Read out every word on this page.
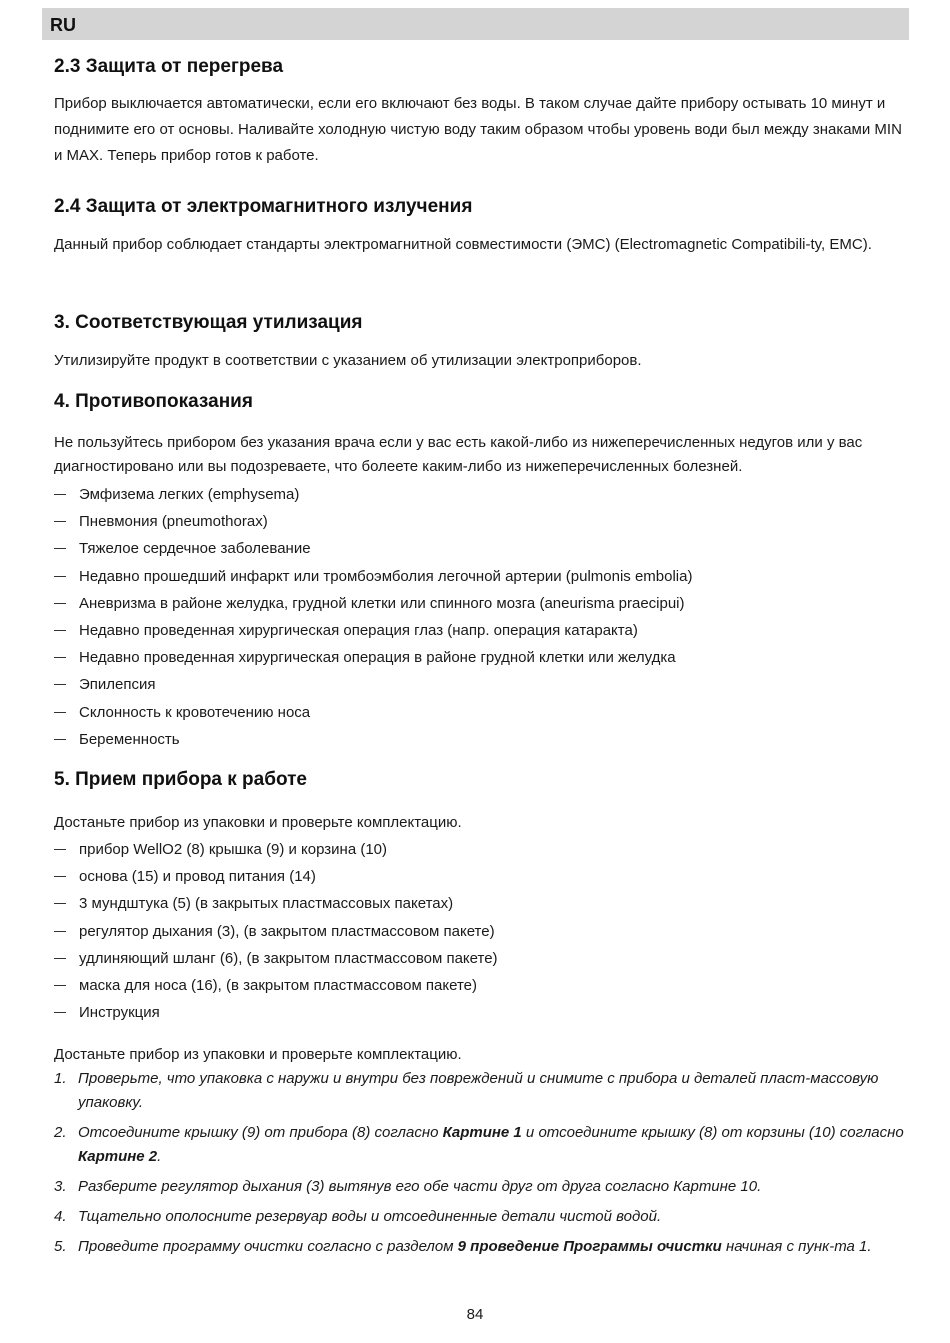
RU
2.3 Защита от перегрева

Прибор выключается автоматически, если его включают без воды. В таком случае дайте прибору остывать 10 минут и поднимите его от основы. Наливайте холодную чистую воду таким образом чтобы уровень води был между знаками MIN и MAX. Теперь прибор готов к работе.

2.4 Защита от электромагнитного излучения

Данный прибор соблюдает стандарты электромагнитной совместимости (ЭМС) (Electromagnetic Compatibili-ty, EMC).

3. Соответствующая утилизация

Утилизируйте продукт в соответствии с указанием об утилизации электроприборов.

4. Противопоказания

Не пользуйтесь прибором без указания врача если у вас есть какой-либо из нижеперечисленных недугов или у вас диагностировано или вы подозреваете, что болеете каким-либо из нижеперечисленных болезней.

Эмфизема легких (emphysema)
Пневмония (pneumothorax)
Тяжелое сердечное заболевание
Недавно прошедший инфаркт или тромбоэмболия легочной артерии (pulmonis embolia)
Аневризма в районе желудка, грудной клетки или спинного мозга (aneurisma praecipui)
Недавно проведенная хирургическая операция глаз (напр. операция катаракта)
Недавно проведенная хирургическая операция в районе грудной клетки или желудка
Эпилепсия
Склонность к кровотечению носа
Беременность
5. Прием прибора к работе

Достаньте прибор из упаковки и проверьте комплектацию.

прибор WellO2 (8) крышка (9) и корзина (10)
основа (15) и провод питания (14)
3 мундштука (5) (в закрытых пластмассовых пакетах)
регулятор дыхания (3), (в закрытом пластмассовом пакете)
удлиняющий шланг (6), (в закрытом пластмассовом пакете)
маска для носа (16), (в закрытом пластмассовом пакете)
Инструкция

Достаньте прибор из упаковки и проверьте комплектацию.

1. Проверьте, что упаковка с наружи и внутри без повреждений и снимите с прибора и деталей пласт-массовую упаковку.
2. Отсоедините крышку (9) от прибора (8) согласно Картине 1 и отсоедините крышку (8) от корзины (10) согласно Картине 2.
3. Разберите регулятор дыхания (3) вытянув его обе части друг от друга согласно Картине 10.
4. Тщательно ополосните резервуар воды и отсоединенные детали чистой водой.
5. Проведите программу очистки согласно с разделом 9 проведение Программы очистки начиная с пунк-та 1.
84
